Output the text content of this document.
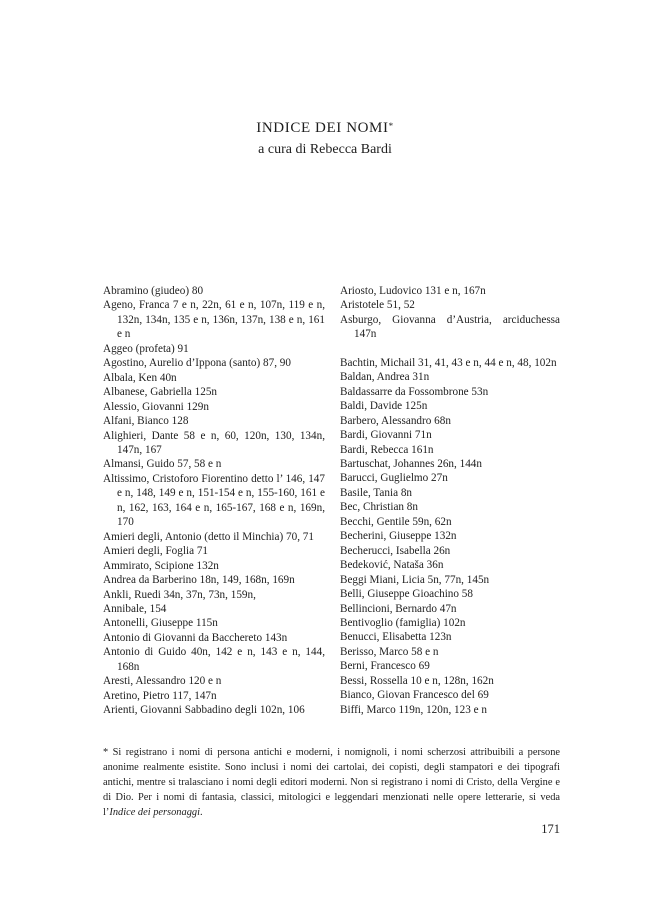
INDICE DEI NOMI*
a cura di Rebecca Bardi
Abramino (giudeo) 80
Ageno, Franca 7 e n, 22n, 61 e n, 107n, 119 e n, 132n, 134n, 135 e n, 136n, 137n, 138 e n, 161 e n
Aggeo (profeta) 91
Agostino, Aurelio d’Ippona (santo) 87, 90
Albala, Ken 40n
Albanese, Gabriella 125n
Alessio, Giovanni 129n
Alfani, Bianco 128
Alighieri, Dante 58 e n, 60, 120n, 130, 134n, 147n, 167
Almansi, Guido 57, 58 e n
Altissimo, Cristoforo Fiorentino detto l’ 146, 147 e n, 148, 149 e n, 151-154 e n, 155-160, 161 e n, 162, 163, 164 e n, 165-167, 168 e n, 169n, 170
Amieri degli, Antonio (detto il Minchia) 70, 71
Amieri degli, Foglia 71
Ammirato, Scipione 132n
Andrea da Barberino 18n, 149, 168n, 169n
Ankli, Ruedi 34n, 37n, 73n, 159n,
Annibale, 154
Antonelli, Giuseppe 115n
Antonio di Giovanni da Bacchereto 143n
Antonio di Guido 40n, 142 e n, 143 e n, 144, 168n
Aresti, Alessandro 120 e n
Aretino, Pietro 117, 147n
Arienti, Giovanni Sabbadino degli 102n, 106
Ariosto, Ludovico 131 e n, 167n
Aristotele 51, 52
Asburgo, Giovanna d’Austria, arciduchessa 147n
Bachtin, Michail 31, 41, 43 e n, 44 e n, 48, 102n
Baldan, Andrea 31n
Baldassarre da Fossombrone 53n
Baldi, Davide 125n
Barbero, Alessandro 68n
Bardi, Giovanni 71n
Bardi, Rebecca 161n
Bartuschat, Johannes 26n, 144n
Barucci, Guglielmo 27n
Basile, Tania 8n
Bec, Christian 8n
Becchi, Gentile 59n, 62n
Becherini, Giuseppe 132n
Becherucci, Isabella 26n
Bedeković, Nataša 36n
Beggi Miani, Licia 5n, 77n, 145n
Belli, Giuseppe Gioachino 58
Bellincioni, Bernardo 47n
Bentivoglio (famiglia) 102n
Benucci, Elisabetta 123n
Berisso, Marco 58 e n
Berni, Francesco 69
Bessi, Rossella 10 e n, 128n, 162n
Bianco, Giovan Francesco del 69
Biffi, Marco 119n, 120n, 123 e n
* Si registrano i nomi di persona antichi e moderni, i nomignoli, i nomi scherzosi attribuibili a persone anonime realmente esistite. Sono inclusi i nomi dei cartolai, dei copisti, degli stampatori e dei tipografi antichi, mentre si tralasciano i nomi degli editori moderni. Non si registrano i nomi di Cristo, della Vergine e di Dio. Per i nomi di fantasia, classici, mitologici e leggendari menzionati nelle opere letterarie, si veda l’Indice dei personaggi.
171
